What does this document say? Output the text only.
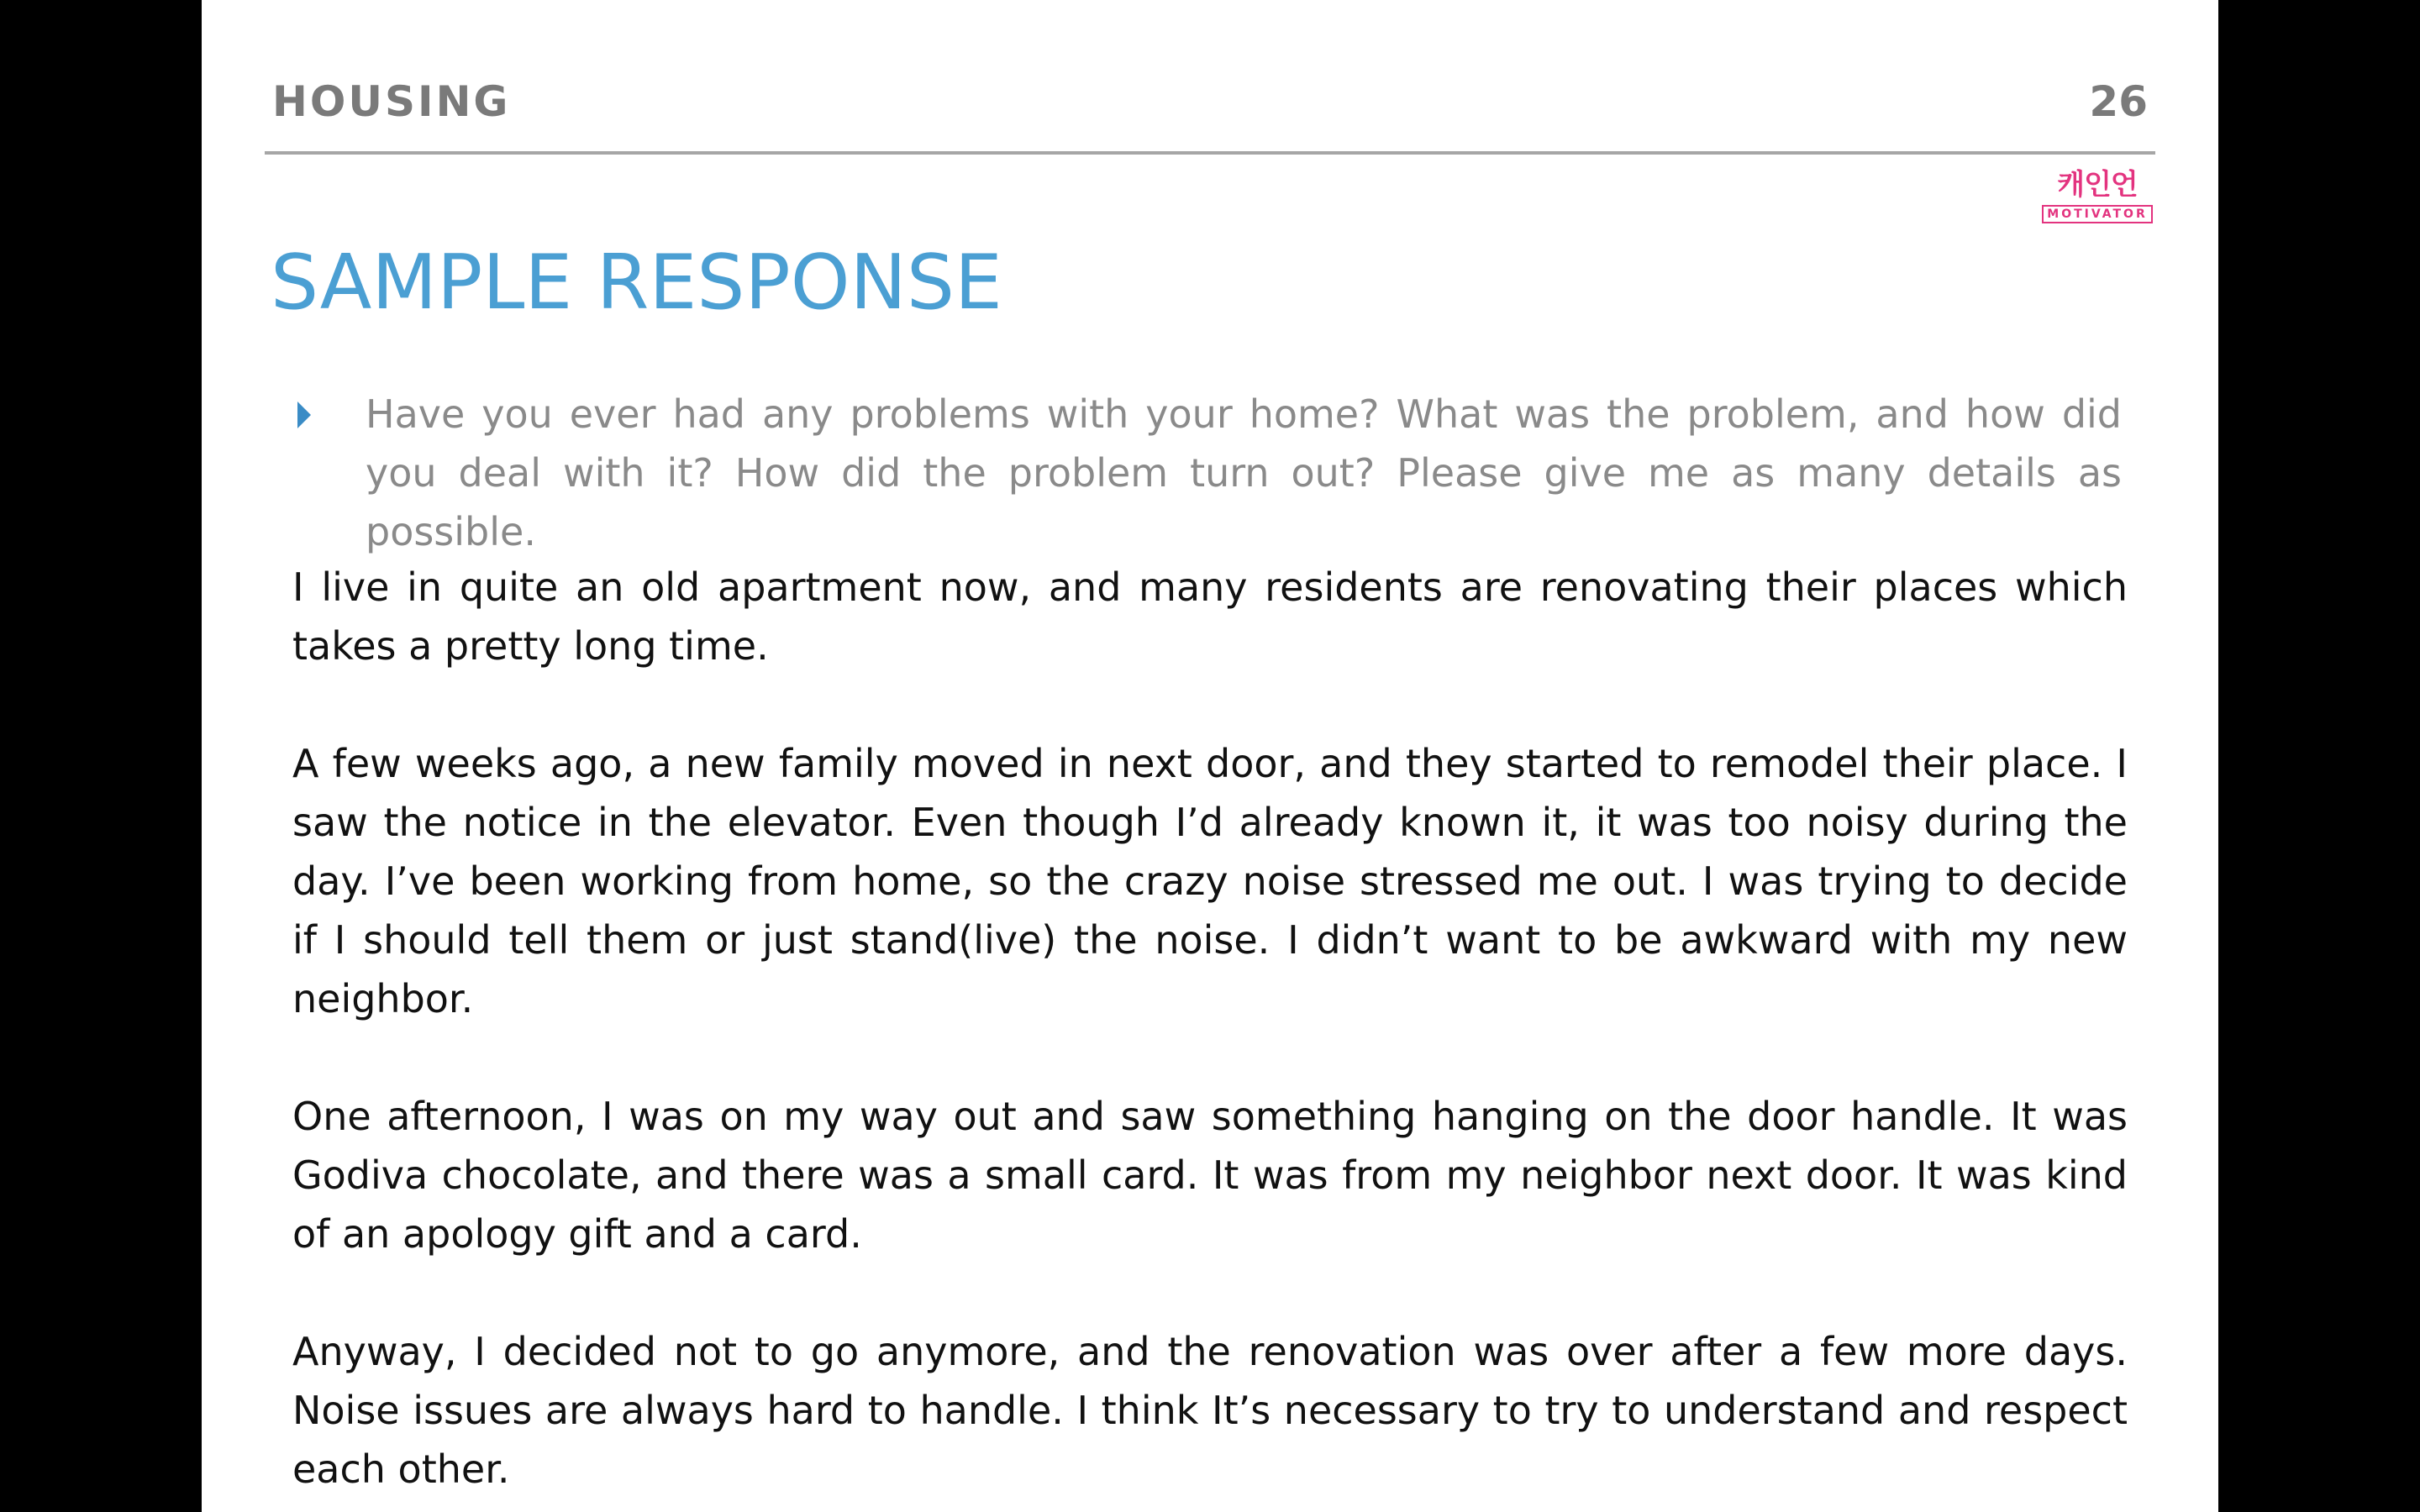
HOUSING	26
캐인언
MOTIVATOR
SAMPLE RESPONSE
Have you ever had any problems with your home? What was the problem, and how did you deal with it? How did the problem turn out? Please give me as many details as possible.

I live in quite an old apartment now, and many residents are renovating their places which takes a pretty long time.

A few weeks ago, a new family moved in next door, and they started to remodel their place. I saw the notice in the elevator. Even though I’d already known it, it was too noisy during the day. I’ve been working from home, so the crazy noise stressed me out. I was trying to decide if I should tell them or just stand(live) the noise. I didn’t want to be awkward with my new neighbor.

One afternoon, I was on my way out and saw something hanging on the door handle. It was Godiva chocolate, and there was a small card. It was from my neighbor next door. It was kind of an apology gift and a card.

Anyway, I decided not to go anymore, and the renovation was over after a few more days. Noise issues are always hard to handle. I think It’s necessary to try to understand and respect each other.
